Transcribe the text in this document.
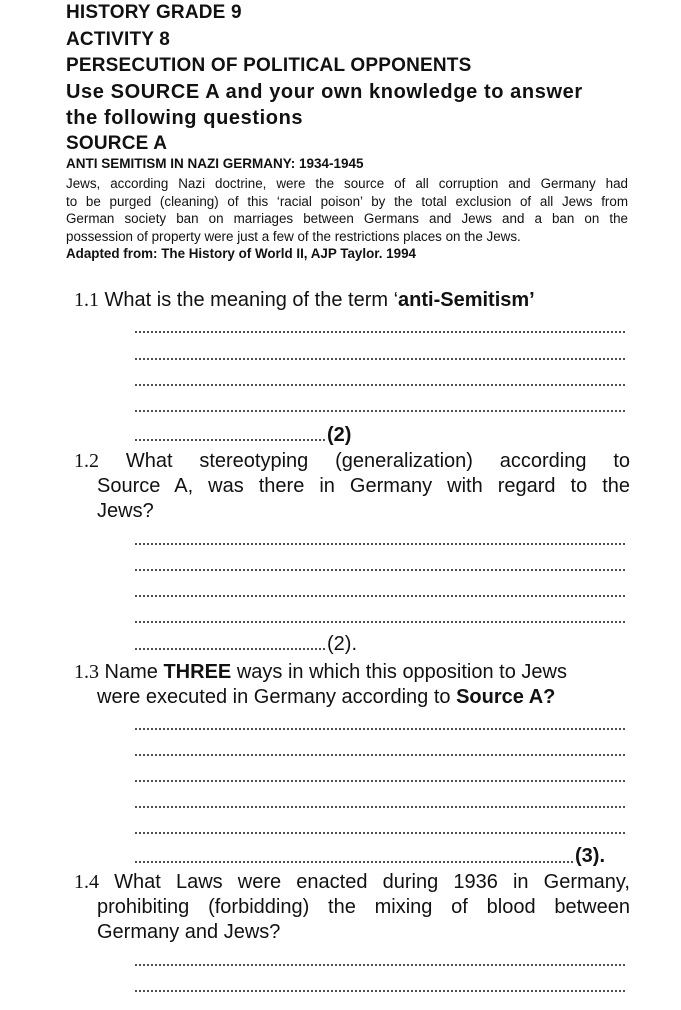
HISTORY GRADE 9
ACTIVITY 8
PERSECUTION OF POLITICAL OPPONENTS
Use SOURCE A and your own knowledge to answer
the following questions
SOURCE A
ANTI SEMITISM IN NAZI GERMANY: 1934-1945
Jews, according Nazi doctrine, were the source of all corruption and Germany had
to be purged (cleaning) of this ‘racial poison’ by the total exclusion of all Jews from
German society ban on marriages between Germans and Jews and a ban on the
possession of property were just a few of the restrictions places on the Jews.
Adapted from: The History of World II, AJP Taylor. 1994
1.1 What is the meaning of the term ‘anti-Semitism’
(2)
1.2 What stereotyping (generalization) according to
Source A, was there in Germany with regard to the
Jews?
(2).
1.3 Name THREE ways in which this opposition to Jews
were executed in Germany according to Source A?
(3).
1.4 What Laws were enacted during 1936 in Germany,
prohibiting (forbidding) the mixing of blood between
Germany and Jews?
